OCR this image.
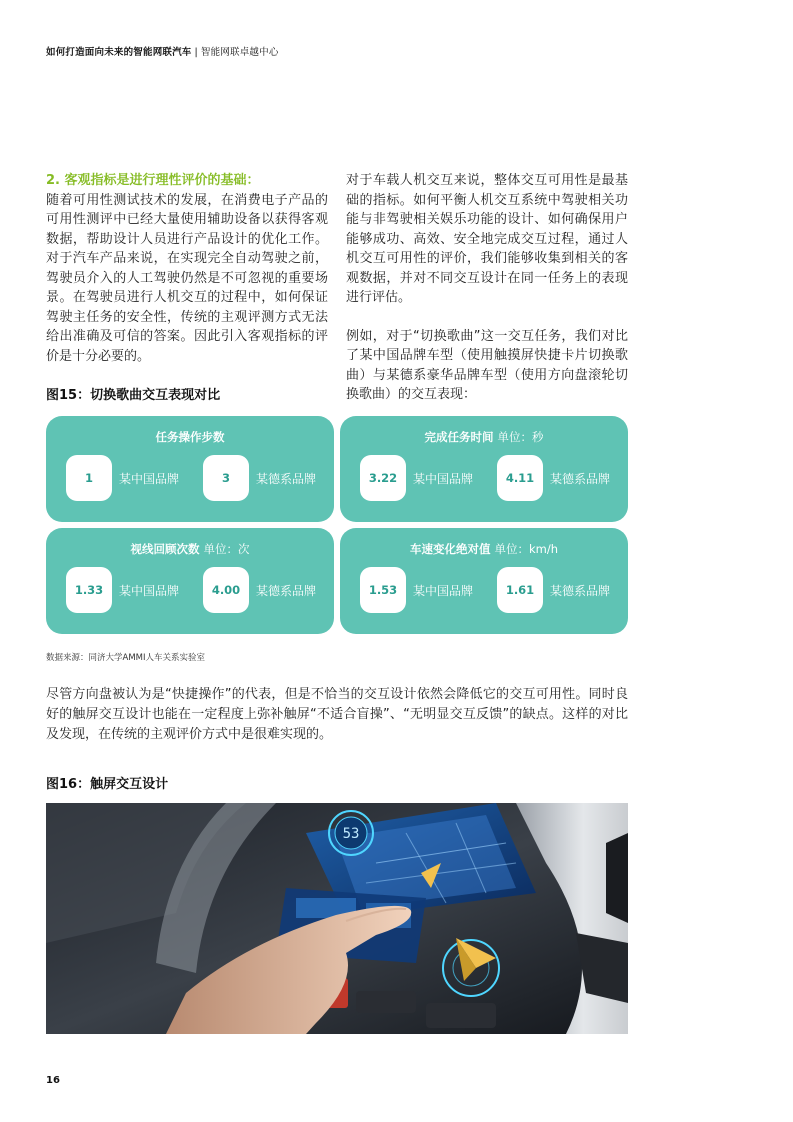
如何打造面向未来的智能网联汽车 | 智能网联卓越中心
2. 客观指标是进行理性评价的基础：

随着可用性测试技术的发展，在消费电子产品的可用性测评中已经大量使用辅助设备以获得客观数据，帮助设计人员进行产品设计的优化工作。对于汽车产品来说，在实现完全自动驾驶之前，驾驶员介入的人工驾驶仍然是不可忽视的重要场景。在驾驶员进行人机交互的过程中，如何保证驾驶主任务的安全性，传统的主观评测方式无法给出准确及可信的答案。因此引入客观指标的评价是十分必要的。

对于车载人机交互来说，整体交互可用性是最基础的指标。如何平衡人机交互系统中驾驶相关功能与非驾驶相关娱乐功能的设计、如何确保用户能够成功、高效、安全地完成交互过程，通过人机交互可用性的评价，我们能够收集到相关的客观数据，并对不同交互设计在同一任务上的表现进行评估。

例如，对于“切换歌曲”这一交互任务，我们对比了某中国品牌车型（使用触摸屏快捷卡片切换歌曲）与某德系豪华品牌车型（使用方向盘滚轮切换歌曲）的交互表现：

图15：切换歌曲交互表现对比
任务操作步数
1	某中国品牌	3	某德系品牌
完成任务时间 单位：秒
3.22	某中国品牌	4.11	某德系品牌
视线回顾次数 单位：次
1.33	某中国品牌	4.00	某德系品牌
车速变化绝对值 单位：km/h
1.53	某中国品牌	1.61	某德系品牌
数据来源：同济大学AMMI人车关系实验室
尽管方向盘被认为是“快捷操作”的代表，但是不恰当的交互设计依然会降低它的交互可用性。同时良好的触屏交互设计也能在一定程度上弥补触屏“不适合盲操”、“无明显交互反馈”的缺点。这样的对比及发现，在传统的主观评价方式中是很难实现的。
图16：触屏交互设计
53
16
